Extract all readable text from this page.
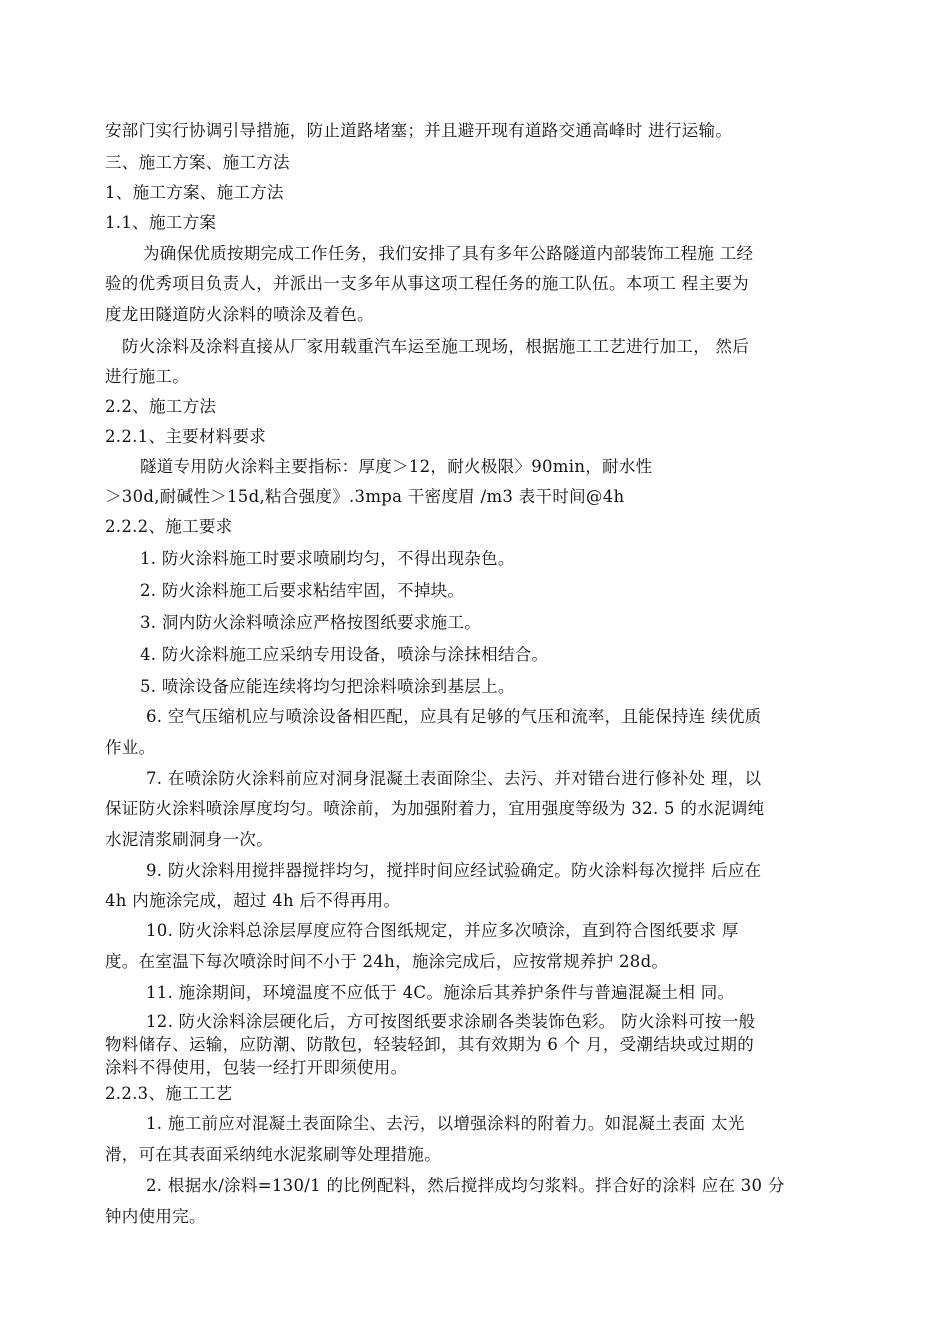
安部门实行协调引导措施，防止道路堵塞；并且避开现有道路交通高峰时 进行运输。
三、施工方案、施工方法
1、施工方案、施工方法
1.1、施工方案
为确保优质按期完成工作任务，我们安排了具有多年公路隧道内部装饰工程施 工经
验的优秀项目负责人，并派出一支多年从事这项工程任务的施工队伍。本项工 程主要为
度龙田隧道防火涂料的喷涂及着色。
防火涂料及涂料直接从厂家用载重汽车运至施工现场，根据施工工艺进行加工， 然后
进行施工。
2.2、施工方法
2.2.1、主要材料要求
隧道专用防火涂料主要指标：厚度＞12，耐火极限〉90min，耐水性
＞30d,耐碱性＞15d,粘合强度》.3mpa 干密度眉 /m3 表干时间@4h
2.2.2、施工要求
1. 防火涂料施工时要求喷刷均匀，不得出现杂色。
2. 防火涂料施工后要求粘结牢固，不掉块。
3. 洞内防火涂料喷涂应严格按图纸要求施工。
4. 防火涂料施工应采纳专用设备，喷涂与涂抹相结合。
5. 喷涂设备应能连续将均匀把涂料喷涂到基层上。
6. 空气压缩机应与喷涂设备相匹配，应具有足够的气压和流率，且能保持连 续优质
作业。
7. 在喷涂防火涂料前应对洞身混凝土表面除尘、去污、并对错台进行修补处 理，以
保证防火涂料喷涂厚度均匀。喷涂前，为加强附着力，宜用强度等级为 32. 5 的水泥调纯
水泥清浆刷洞身一次。
9. 防火涂料用搅拌器搅拌均匀，搅拌时间应经试验确定。防火涂料每次搅拌 后应在
4h 内施涂完成，超过 4h 后不得再用。
10. 防火涂料总涂层厚度应符合图纸规定，并应多次喷涂，直到符合图纸要求 厚
度。在室温下每次喷涂时间不小于 24h，施涂完成后，应按常规养护 28d。
11. 施涂期间，环境温度不应低于 4C。施涂后其养护条件与普遍混凝土相 同。
12. 防火涂料涂层硬化后，方可按图纸要求涂刷各类装饰色彩。 防火涂料可按一般
物料储存、运输，应防潮、防散包，轻装轻卸，其有效期为 6 个 月，受潮结块或过期的
涂料不得使用，包装一经打开即须使用。
2.2.3、施工工艺
1. 施工前应对混凝土表面除尘、去污，以增强涂料的附着力。如混凝土表面 太光
滑，可在其表面采纳纯水泥浆刷等处理措施。
2. 根据水/涂料=130/1 的比例配料，然后搅拌成均匀浆料。拌合好的涂料 应在 30 分
钟内使用完。
